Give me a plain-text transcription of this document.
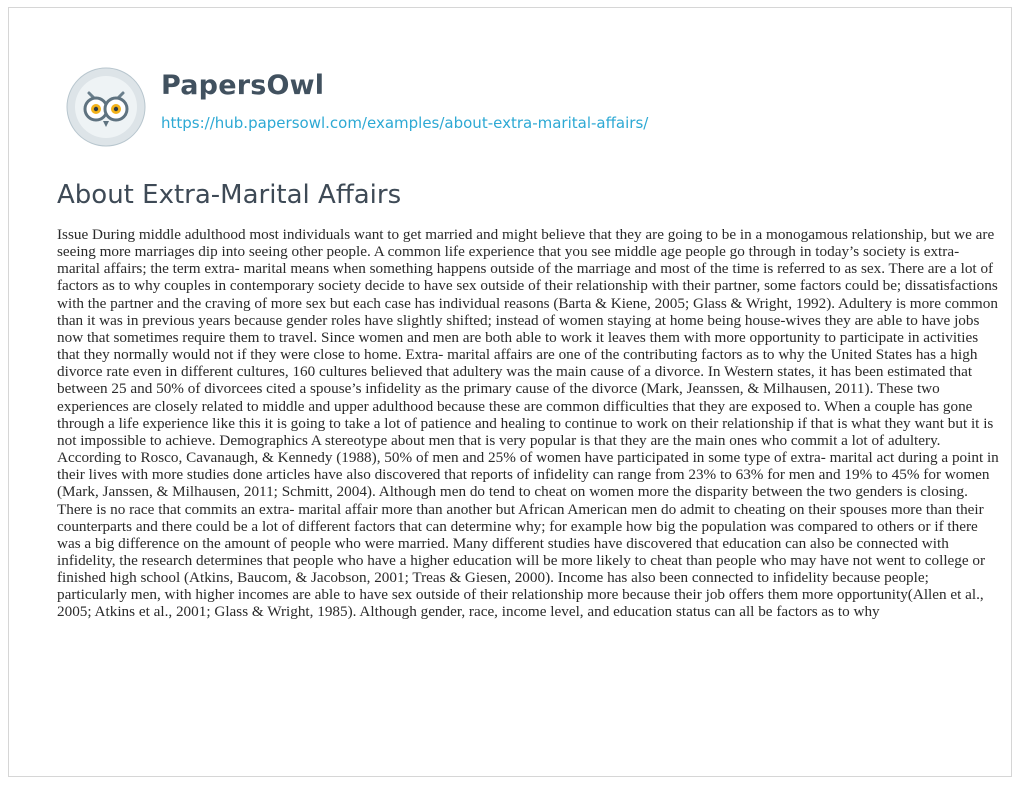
PapersOwl
https://hub.papersowl.com/examples/about-extra-marital-affairs/
About Extra-Marital Affairs

Issue During middle adulthood most individuals want to get married and might believe that they are going to be in a monogamous relationship, but we are seeing more marriages dip into seeing other people. A common life experience that you see middle age people go through in today’s society is extra-marital affairs; the term extra- marital means when something happens outside of the marriage and most of the time is referred to as sex. There are a lot of factors as to why couples in contemporary society decide to have sex outside of their relationship with their partner, some factors could be; dissatisfactions with the partner and the craving of more sex but each case has individual reasons (Barta & Kiene, 2005; Glass & Wright, 1992). Adultery is more common than it was in previous years because gender roles have slightly shifted; instead of women staying at home being house-wives they are able to have jobs now that sometimes require them to travel. Since women and men are both able to work it leaves them with more opportunity to participate in activities that they normally would not if they were close to home. Extra- marital affairs are one of the contributing factors as to why the United States has a high divorce rate even in different cultures, 160 cultures believed that adultery was the main cause of a divorce. In Western states, it has been estimated that between 25 and 50% of divorcees cited a spouse’s infidelity as the primary cause of the divorce (Mark, Jeanssen, & Milhausen, 2011). These two experiences are closely related to middle and upper adulthood because these are common difficulties that they are exposed to. When a couple has gone through a life experience like this it is going to take a lot of patience and healing to continue to work on their relationship if that is what they want but it is not impossible to achieve. Demographics A stereotype about men that is very popular is that they are the main ones who commit a lot of adultery. According to Rosco, Cavanaugh, & Kennedy (1988), 50% of men and 25% of women have participated in some type of extra- marital act during a point in their lives with more studies done articles have also discovered that reports of infidelity can range from 23% to 63% for men and 19% to 45% for women (Mark, Janssen, & Milhausen, 2011; Schmitt, 2004). Although men do tend to cheat on women more the disparity between the two genders is closing. There is no race that commits an extra- marital affair more than another but African American men do admit to cheating on their spouses more than their counterparts and there could be a lot of different factors that can determine why; for example how big the population was compared to others or if there was a big difference on the amount of people who were married. Many different studies have discovered that education can also be connected with infidelity, the research determines that people who have a higher education will be more likely to cheat than people who may have not went to college or finished high school (Atkins, Baucom, & Jacobson, 2001; Treas & Giesen, 2000). Income has also been connected to infidelity because people; particularly men, with higher incomes are able to have sex outside of their relationship more because their job offers them more opportunity(Allen et al., 2005; Atkins et al., 2001; Glass & Wright, 1985). Although gender, race, income level, and education status can all be factors as to why
